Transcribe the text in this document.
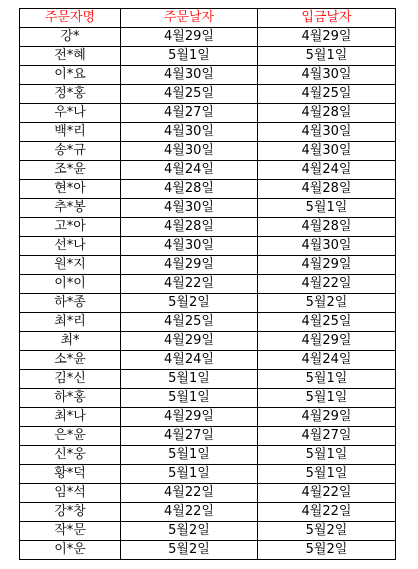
주문자명	주문날자	입금날자
강*	4월29일	4월29일
전*혜	5월1일	5월1일
이*요	4월30일	4월30일
정*홍	4월25일	4월25일
우*나	4월27일	4월28일
백*리	4월30일	4월30일
송*규	4월30일	4월30일
조*윤	4월24일	4월24일
현*아	4월28일	4월28일
추*봉	4월30일	5월1일
고*아	4월28일	4월28일
선*나	4월30일	4월30일
원*지	4월29일	4월29일
이*이	4월22일	4월22일
하*종	5월2일	5월2일
최*리	4월25일	4월25일
최*	4월29일	4월29일
소*윤	4월24일	4월24일
김*신	5월1일	5월1일
하*홍	5월1일	5월1일
최*나	4월29일	4월29일
은*윤	4월27일	4월27일
신*웅	5월1일	5월1일
황*덕	5월1일	5월1일
임*석	4월22일	4월22일
강*창	4월22일	4월22일
작*문	5월2일	5월2일
이*운	5월2일	5월2일
